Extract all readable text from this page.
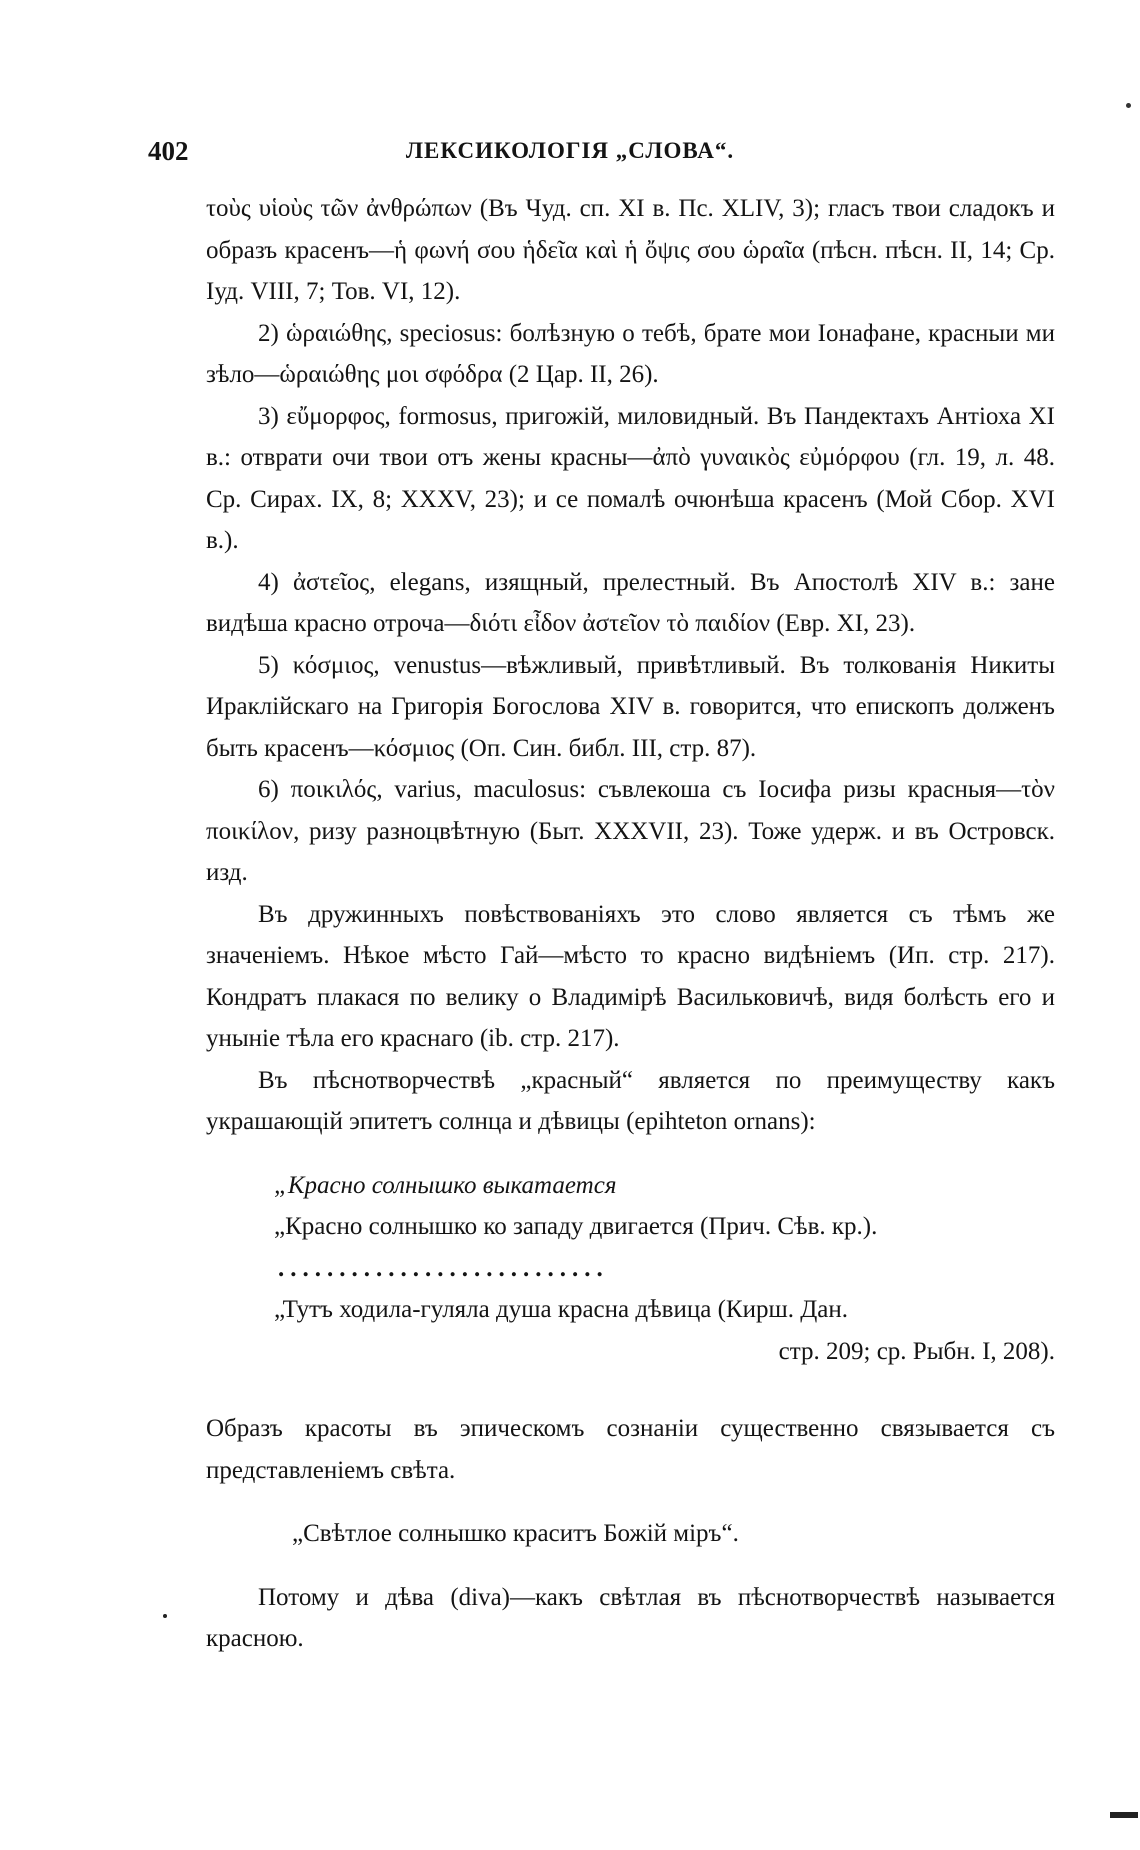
402	ЛЕКСИКОЛОГІЯ „СЛОВА“.

τοὺς υἱοὺς τῶν ἀνθρώπων (Въ Чуд. сп. XI в. Пс. XLIV, 3); гласъ твои сладокъ и образъ красенъ—ἡ φωνή σου ἡδεῖα καὶ ἡ ὄψις σου ὡραῖα (пѣсн. пѣсн. II, 14; Ср. Іуд. VIII, 7; Тов. VI, 12).

2) ὡραιώθης, speciosus: болѣзную о тебѣ, брате мои Іонафане, красныи ми зѣло—ὡραιώθης μοι σφόδρα (2 Цар. II, 26).

3) εὔμορφος, formosus, пригожій, миловидный. Въ Пандектахъ Антіоха XI в.: отврати очи твои отъ жены красны—ἀπὸ γυναικὸς εὐμόρφου (гл. 19, л. 48. Ср. Сирах. IX, 8; XXXV, 23); и се помалѣ очюнѣша красенъ (Мой Сбор. XVI в.).

4) ἀστεῖος, elegans, изящный, прелестный. Въ Апостолѣ XIV в.: зане видѣша красно отроча—διότι εἶδον ἀστεῖον τὸ παιδίον (Евр. XI, 23).

5) κόσμιος, venustus—вѣжливый, привѣтливый. Въ толкованія Никиты Ираклійскаго на Григорія Богослова XIV в. говорится, что епископъ долженъ быть красенъ—κόσμιος (Оп. Син. библ. III, стр. 87).

6) ποικιλός, varius, maculosus: съвлекоша съ Іосифа ризы красныя—τὸν ποικίλον, ризу разноцвѣтную (Быт. XXXVII, 23). Тоже удерж. и въ Островск. изд.

Въ дружинныхъ повѣствованіяхъ это слово является съ тѣмъ же значеніемъ. Нѣкое мѣсто Гай—мѣсто то красно видѣніемъ (Ип. стр. 217). Кондратъ плакася по велику о Владимірѣ Васильковичѣ, видя болѣсть его и уныніе тѣла его краснаго (ib. стр. 217).

Въ пѣснотворчествѣ „красный“ является по преимуществу какъ украшающій эпитетъ солнца и дѣвицы (epihteton ornans):

„Красно солнышко выкатается
„Красно солнышко ко западу двигается (Прич. Сѣв. кр.).
...........................
„Тутъ ходила-гуляла душа красна дѣвица (Кирш. Дан.
стр. 209; ср. Рыбн. I, 208).

Образъ красоты въ эпическомъ сознаніи существенно связывается съ представленіемъ свѣта.

„Свѣтлое солнышко краситъ Божій міръ“.

Потому и дѣва (diva)—какъ свѣтлая въ пѣснотворчествѣ называется красною.
